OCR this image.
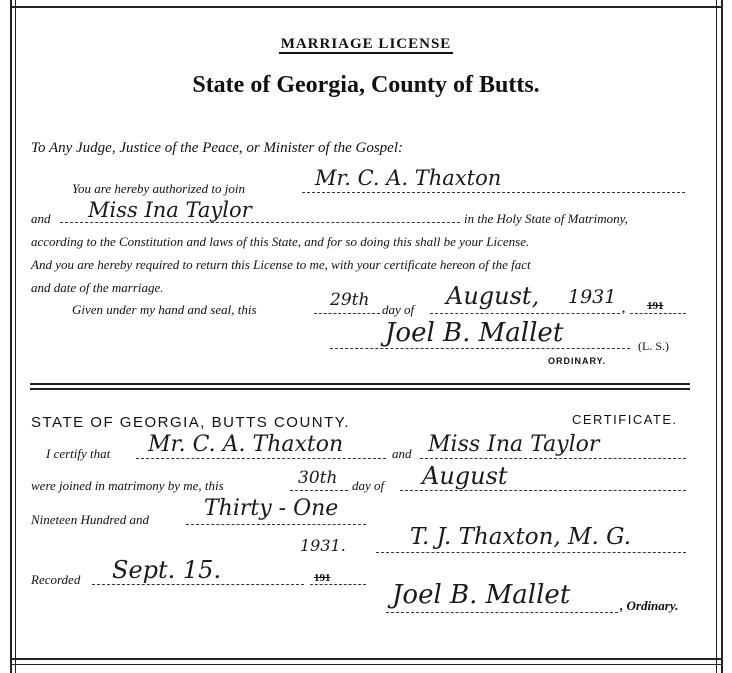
MARRIAGE LICENSE
State of Georgia, County of Butts.
To Any Judge, Justice of the Peace, or Minister of the Gospel:
You are hereby authorized to join	Mr. C. A. Thaxton
and Miss Ina Taylor	in the Holy State of Matrimony,
according to the Constitution and laws of this State, and for so doing this shall be your License.
And you are hereby required to return this License to me, with your certificate hereon of the fact
and date of the marriage.
Given under my hand and seal, this	29th day of August, 1931 , 191
Joel B. Mallet	(L. S.)
ORDINARY.
STATE OF GEORGIA, BUTTS COUNTY.	CERTIFICATE.
I certify that Mr. C. A. Thaxton	and Miss Ina Taylor
were joined in matrimony by me, this	30th day of August
Nineteen Hundred and	Thirty - One
1931.	T. J. Thaxton, M. G.
Recorded Sept. 15.	191
Joel B. Mallet	, Ordinary.
